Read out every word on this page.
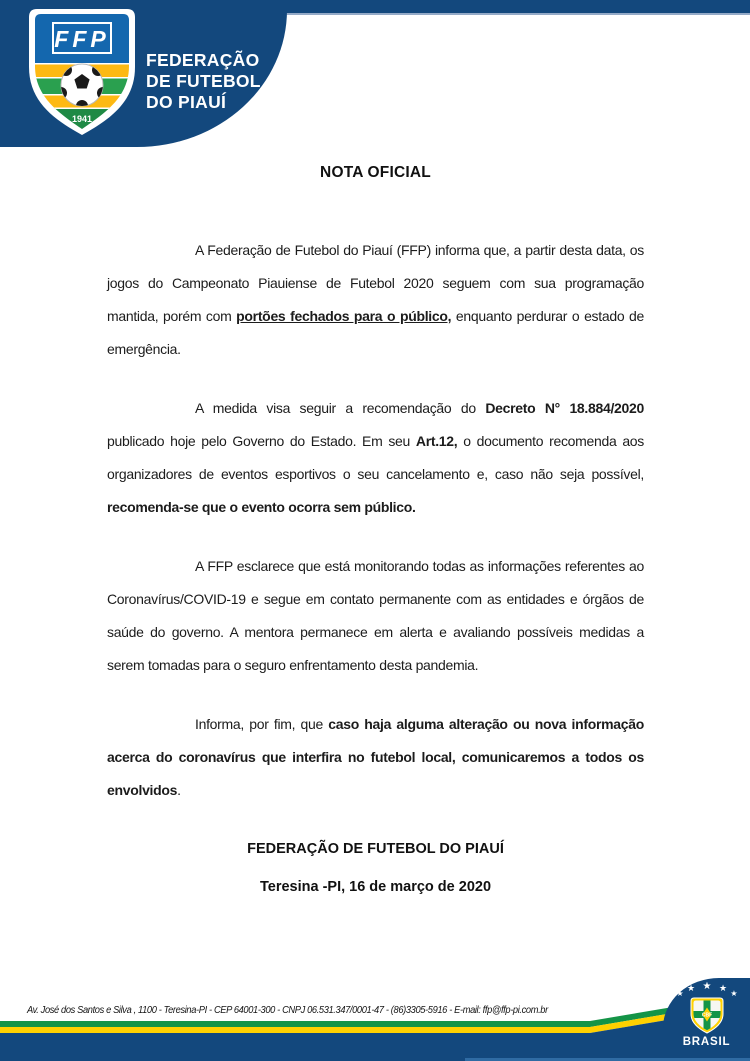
FFP
1941
FEDERAÇÃO
DE FUTEBOL
DO PIAUÍ
NOTA OFICIAL

A Federação de Futebol do Piauí (FFP) informa que, a partir desta data, os jogos do Campeonato Piauiense de Futebol 2020 seguem com sua programação mantida, porém com portões fechados para o público, enquanto perdurar o estado de emergência.

A medida visa seguir a recomendação do Decreto N° 18.884/2020 publicado hoje pelo Governo do Estado. Em seu Art.12, o documento recomenda aos organizadores de eventos esportivos o seu cancelamento e, caso não seja possível, recomenda-se que o evento ocorra sem público.

A FFP esclarece que está monitorando todas as informações referentes ao Coronavírus/COVID-19 e segue em contato permanente com as entidades e órgãos de saúde do governo. A mentora permanece em alerta e avaliando possíveis medidas a serem tomadas para o seguro enfrentamento desta pandemia.

Informa, por fim, que caso haja alguma alteração ou nova informação acerca do coronavírus que interfira no futebol local, comunicaremos a todos os envolvidos.

FEDERAÇÃO DE FUTEBOL DO PIAUÍ

Teresina -PI, 16 de março de 2020

Av. José dos Santos e Silva , 1100 - Teresina-PI - CEP 64001-300 - CNPJ 06.531.347/0001-47 - (86)3305-5916 - E-mail: ffp@ffp-pi.com.br
★ ★ ★ ★ ★
CBF
BRASIL
